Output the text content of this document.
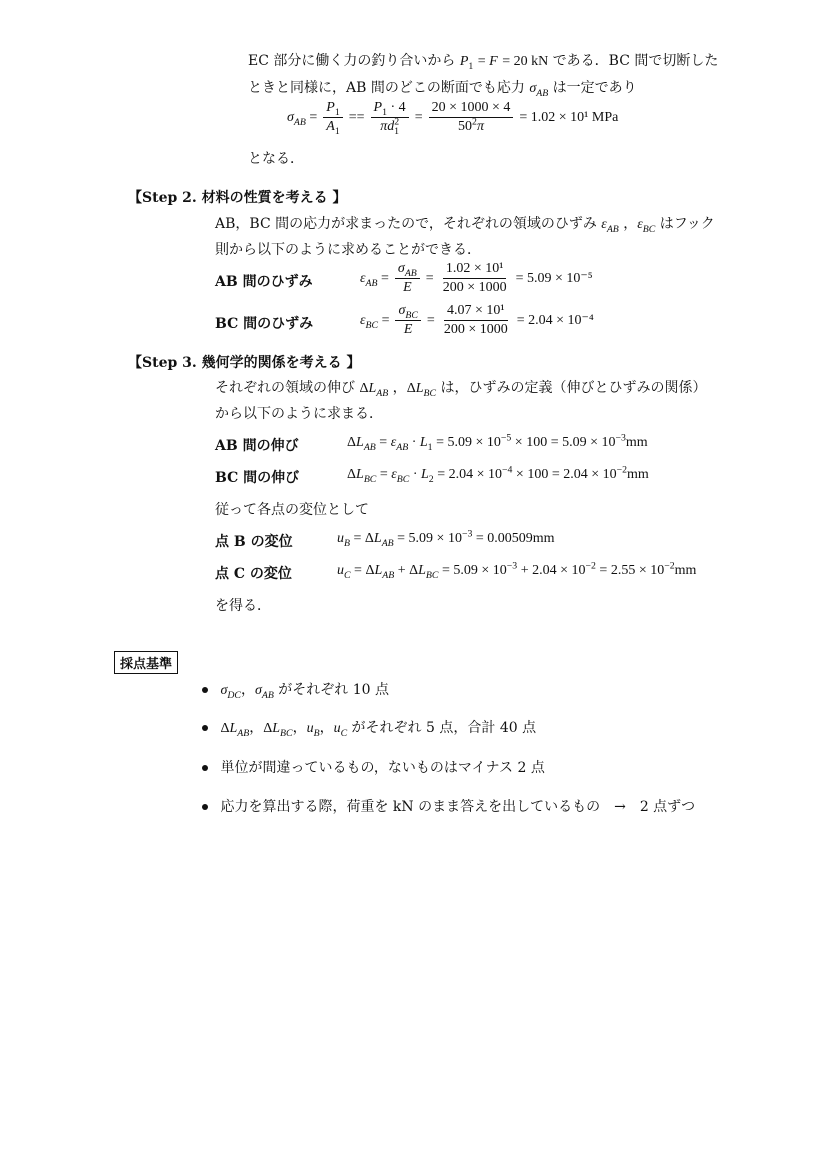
EC 部分に働く力の釣り合いから $P_1 = F = 20$ kN である．BC 間で切断した
ときと同様に，AB 間のどこの断面でも応力 $\sigma_{AB}$ は一定であり
$\sigma_{AB} = \frac{P_1}{A_1} == \frac{P_1 \cdot 4}{\pi d^2_1} = \frac{20 \times 1000 \times 4}{50^2\pi} = 1.02 \times 10^1$ MPa
となる．
【Step 2. 材料の性質を考える 】
AB，BC 間の応力が求まったので，それぞれの領域のひずみ $\varepsilon_{AB}$ ，$\varepsilon_{BC}$ はフック
則から以下のように求めることができる．
AB 間のひずみ	$\varepsilon_{AB} = \frac{\sigma_{AB}}{E} = \frac{\text{1.02 × 10¹}}{200 \times 1000} = 5.09 \times 10^{-5}$
BC 間のひずみ	$\varepsilon_{BC} = \frac{\sigma_{BC}}{E} = \frac{\text{4.07 × 10¹}}{200 \times 1000} = 2.04 \times 10^{-4}$
【Step 3. 幾何学的関係を考える 】
それぞれの領域の伸び $\Delta L_{AB}$ ，$\Delta L_{BC}$ は，ひずみの定義（伸びとひずみの関係）
から以下のように求まる．
AB 間の伸び	$\Delta L_{AB} = \varepsilon_{AB} \cdot L_1 = 5.09 \times 10^{-5} \times 100 = 5.09 \times 10^{-3}mm$
BC 間の伸び	$\Delta L_{BC} = \varepsilon_{BC} \cdot L_2 = 2.04 \times 10^{-4} \times 100 = 2.04 \times 10^{-2}mm$
従って各点の変位として
点 B の変位	$u_B = \Delta L_{AB} = 5.09 \times 10^{-3} = 0.00509mm$
点 C の変位	$u_C = \Delta L_{AB} + \Delta L_{BC} = 5.09 \times 10^{-3} + 2.04 \times 10^{-2} = 2.55 \times 10^{-2}mm$
を得る．
採点基準
$\sigma_{DC}$，$\sigma_{AB}$ がそれぞれ 10 点
$\Delta L_{AB}$，$\Delta L_{BC}$，$u_B$，$u_C$ がそれぞれ 5 点，合計 40 点
単位が間違っているもの，ないものはマイナス 2 点
応力を算出する際，荷重を kN のまま答えを出しているもの　→　2 点ずつ
